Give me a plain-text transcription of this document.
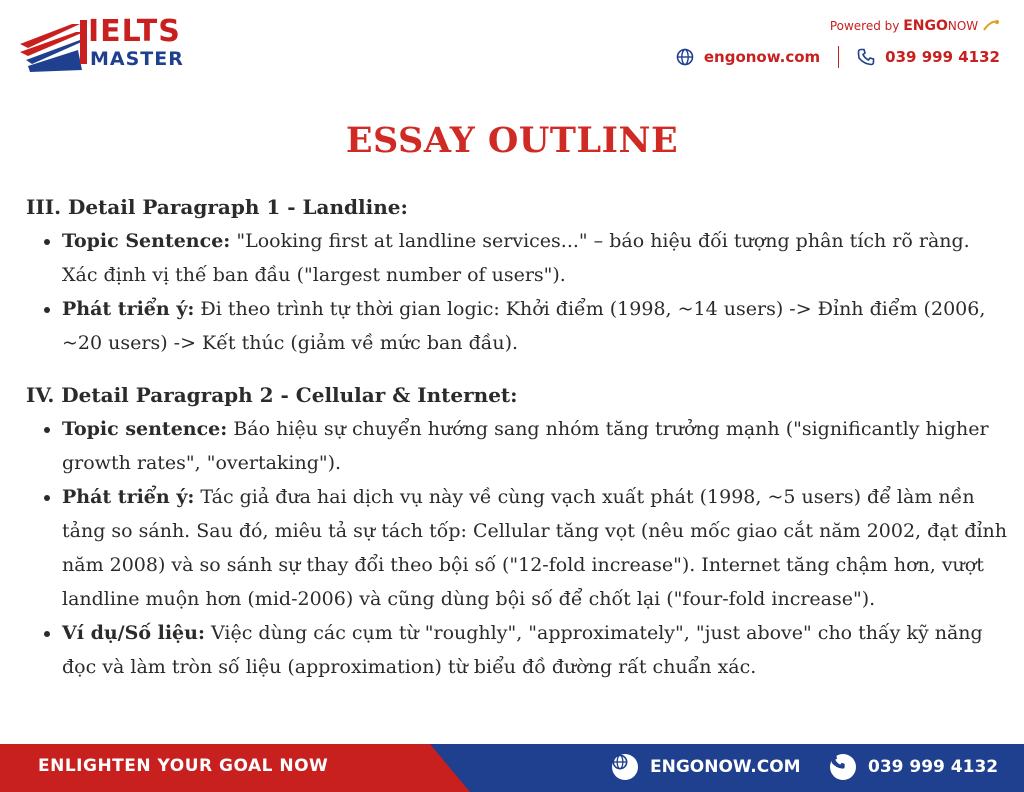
IELTS
MASTER
Powered by ENGONOW
engonow.com	039 999 4132
ESSAY OUTLINE

III. Detail Paragraph 1 - Landline:

• Topic Sentence: "Looking first at landline services..." – báo hiệu đối tượng phân tích rõ ràng. Xác định vị thế ban đầu ("largest number of users").
• Phát triển ý: Đi theo trình tự thời gian logic: Khởi điểm (1998, ~14 users) -> Đỉnh điểm (2006, ~20 users) -> Kết thúc (giảm về mức ban đầu).

IV. Detail Paragraph 2 - Cellular & Internet:

• Topic sentence: Báo hiệu sự chuyển hướng sang nhóm tăng trưởng mạnh ("significantly higher growth rates", "overtaking").
• Phát triển ý: Tác giả đưa hai dịch vụ này về cùng vạch xuất phát (1998, ~5 users) để làm nền tảng so sánh. Sau đó, miêu tả sự tách tốp: Cellular tăng vọt (nêu mốc giao cắt năm 2002, đạt đỉnh năm 2008) và so sánh sự thay đổi theo bội số ("12-fold increase"). Internet tăng chậm hơn, vượt landline muộn hơn (mid-2006) và cũng dùng bội số để chốt lại ("four-fold increase").
• Ví dụ/Số liệu: Việc dùng các cụm từ "roughly", "approximately", "just above" cho thấy kỹ năng đọc và làm tròn số liệu (approximation) từ biểu đồ đường rất chuẩn xác.
ENLIGHTEN YOUR GOAL NOW	ENGONOW.COM	039 999 4132
